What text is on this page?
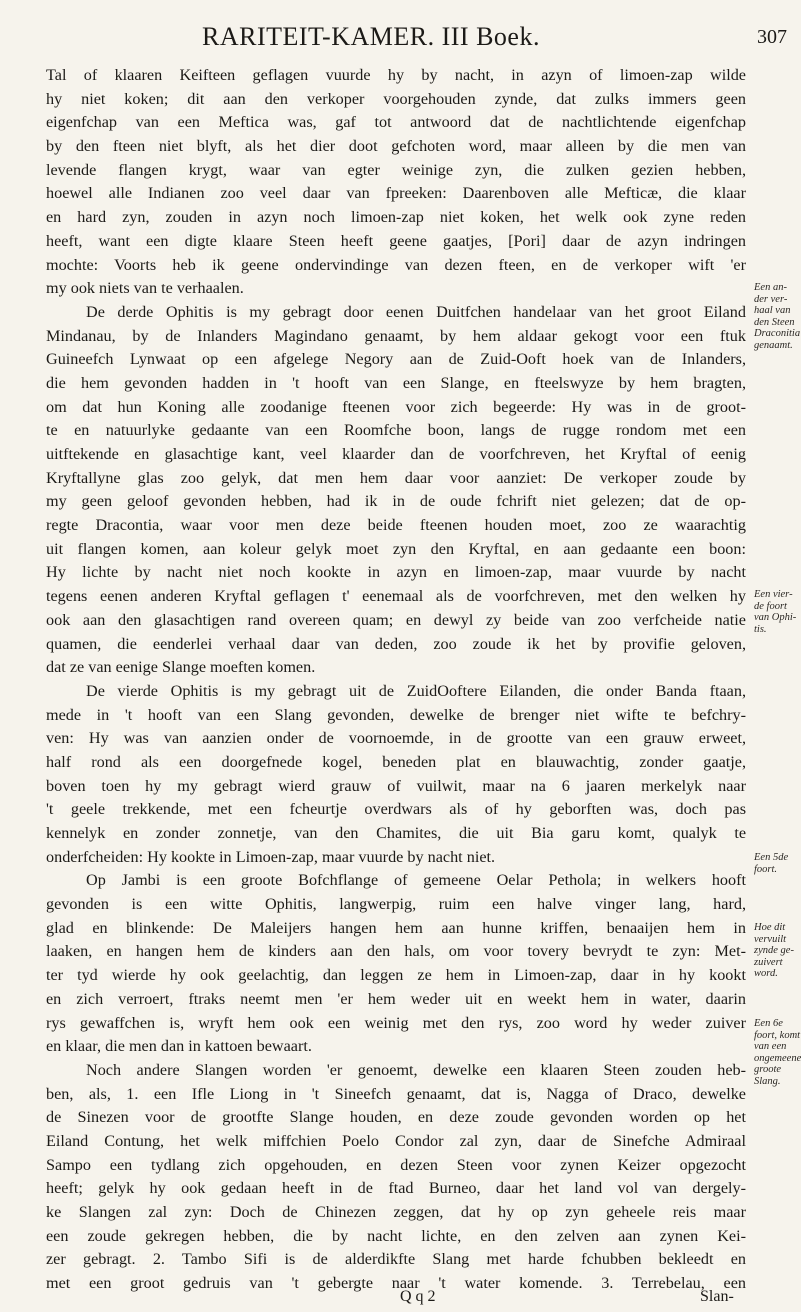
RARITEIT-KAMER. III Boek.	307
Tal of klaaren Keifteen geflagen vuurde hy by nacht, in azyn of limoen-zap wilde
hy niet koken; dit aan den verkoper voorgehouden zynde, dat zulks immers geen
eigenfchap van een Meftica was, gaf tot antwoord dat de nachtlichtende eigenfchap
by den fteen niet blyft, als het dier doot gefchoten word, maar alleen by die men van
levende flangen krygt, waar van egter weinige zyn, die zulken gezien hebben,
hoewel alle Indianen zoo veel daar van fpreeken: Daarenboven alle Mefticæ, die klaar
en hard zyn, zouden in azyn noch limoen-zap niet koken, het welk ook zyne reden
heeft, want een digte klaare Steen heeft geene gaatjes, [Pori] daar de azyn indringen
mochte: Voorts heb ik geene ondervindinge van dezen fteen, en de verkoper wift 'er
my ook niets van te verhaalen.
De derde Ophitis is my gebragt door eenen Duitfchen handelaar van het groot Eiland
Mindanau, by de Inlanders Magindano genaamt, by hem aldaar gekogt voor een ftuk
Guineefch Lynwaat op een afgelege Negory aan de Zuid-Ooft hoek van de Inlanders,
die hem gevonden hadden in 't hooft van een Slange, en fteelswyze by hem bragten,
om dat hun Koning alle zoodanige fteenen voor zich begeerde: Hy was in de groot-
te en natuurlyke gedaante van een Roomfche boon, langs de rugge rondom met een
uitftekende en glasachtige kant, veel klaarder dan de voorfchreven, het Kryftal of eenig
Kryftallyne glas zoo gelyk, dat men hem daar voor aanziet: De verkoper zoude by
my geen geloof gevonden hebben, had ik in de oude fchrift niet gelezen; dat de op-
regte Dracontia, waar voor men deze beide fteenen houden moet, zoo ze waarachtig
uit flangen komen, aan koleur gelyk moet zyn den Kryftal, en aan gedaante een boon:
Hy lichte by nacht niet noch kookte in azyn en limoen-zap, maar vuurde by nacht
tegens eenen anderen Kryftal geflagen t' eenemaal als de voorfchreven, met den welken hy
ook aan den glasachtigen rand overeen quam; en dewyl zy beide van zoo verfcheide natie
quamen, die eenderlei verhaal daar van deden, zoo zoude ik het by provifie geloven,
dat ze van eenige Slange moeften komen.
De vierde Ophitis is my gebragt uit de ZuidOoftere Eilanden, die onder Banda ftaan,
mede in 't hooft van een Slang gevonden, dewelke de brenger niet wifte te befchry-
ven: Hy was van aanzien onder de voornoemde, in de grootte van een grauw erweet,
half rond als een doorgefnede kogel, beneden plat en blauwachtig, zonder gaatje,
boven toen hy my gebragt wierd grauw of vuilwit, maar na 6 jaaren merkelyk naar
't geele trekkende, met een fcheurtje overdwars als of hy geborften was, doch pas
kennelyk en zonder zonnetje, van den Chamites, die uit Bia garu komt, qualyk te
onderfcheiden: Hy kookte in Limoen-zap, maar vuurde by nacht niet.
Op Jambi is een groote Bofchflange of gemeene Oelar Pethola; in welkers hooft
gevonden is een witte Ophitis, langwerpig, ruim een halve vinger lang, hard,
glad en blinkende: De Maleijers hangen hem aan hunne kriffen, benaaijen hem in
laaken, en hangen hem de kinders aan den hals, om voor tovery bevrydt te zyn: Met-
ter tyd wierde hy ook geelachtig, dan leggen ze hem in Limoen-zap, daar in hy kookt
en zich verroert, ftraks neemt men 'er hem weder uit en weekt hem in water, daarin
rys gewaffchen is, wryft hem ook een weinig met den rys, zoo word hy weder zuiver
en klaar, die men dan in kattoen bewaart.
Noch andere Slangen worden 'er genoemt, dewelke een klaaren Steen zouden heb-
ben, als, 1. een Ifle Liong in 't Sineefch genaamt, dat is, Nagga of Draco, dewelke
de Sinezen voor de grootfte Slange houden, en deze zoude gevonden worden op het
Eiland Contung, het welk miffchien Poelo Condor zal zyn, daar de Sinefche Admiraal
Sampo een tydlang zich opgehouden, en dezen Steen voor zynen Keizer opgezocht
heeft; gelyk hy ook gedaan heeft in de ftad Burneo, daar het land vol van dergely-
ke Slangen zal zyn: Doch de Chinezen zeggen, dat hy op zyn geheele reis maar
een zoude gekregen hebben, die by nacht lichte, en den zelven aan zynen Kei-
zer gebragt. 2. Tambo Sifi is de alderdikfte Slang met harde fchubben bekleedt en
met een groot gedruis van 't gebergte naar 't water komende. 3. Terrebelau, een
Een an- der ver- haal van den Steen Draconitia genaamt.
Een vier- de foort van Ophi- tis.
Een 5de foort.
Hoe dit vervuilt zynde ge- zuivert word.
Een 6e foort, komt van een ongemeene groote Slang.
Q q 2	Slan-
